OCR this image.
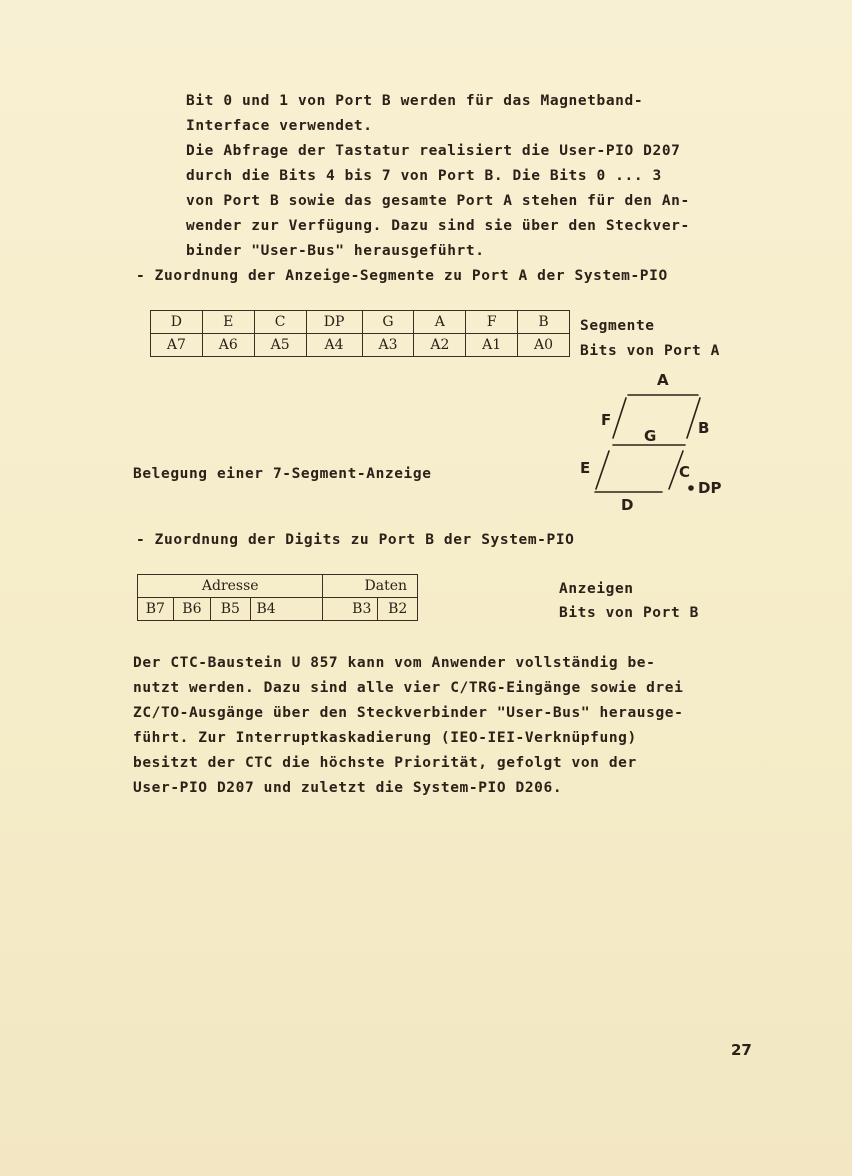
Bit 0 und 1 von Port B werden für das Magnetband-
Interface verwendet.
Die Abfrage der Tastatur realisiert die User-PIO D207
durch die Bits 4 bis 7 von Port B. Die Bits 0 ... 3
von Port B sowie das gesamte Port A stehen für den An-
wender zur Verfügung. Dazu sind sie über den Steckver-
binder "User-Bus" herausgeführt.
- Zuordnung der Anzeige-Segmente zu Port A der System-PIO
D	E	C	DP	G	A	F	B
A7	A6	A5	A4	A3	A2	A1	A0
Segmente
Bits von Port A
A
F	B
G
E	C
D
DP
Belegung einer 7-Segment-Anzeige
- Zuordnung der Digits zu Port B der System-PIO
Adresse				Daten	
B7	B6	B5	B4	B3	B2
Anzeigen
Bits von Port B
Der CTC-Baustein U 857 kann vom Anwender vollständig be-
nutzt werden. Dazu sind alle vier C/TRG-Eingänge sowie drei
ZC/TO-Ausgänge über den Steckverbinder "User-Bus" herausge-
führt. Zur Interruptkaskadierung (IEO-IEI-Verknüpfung)
besitzt der CTC die höchste Priorität, gefolgt von der
User-PIO D207 und zuletzt die System-PIO D206.
27
